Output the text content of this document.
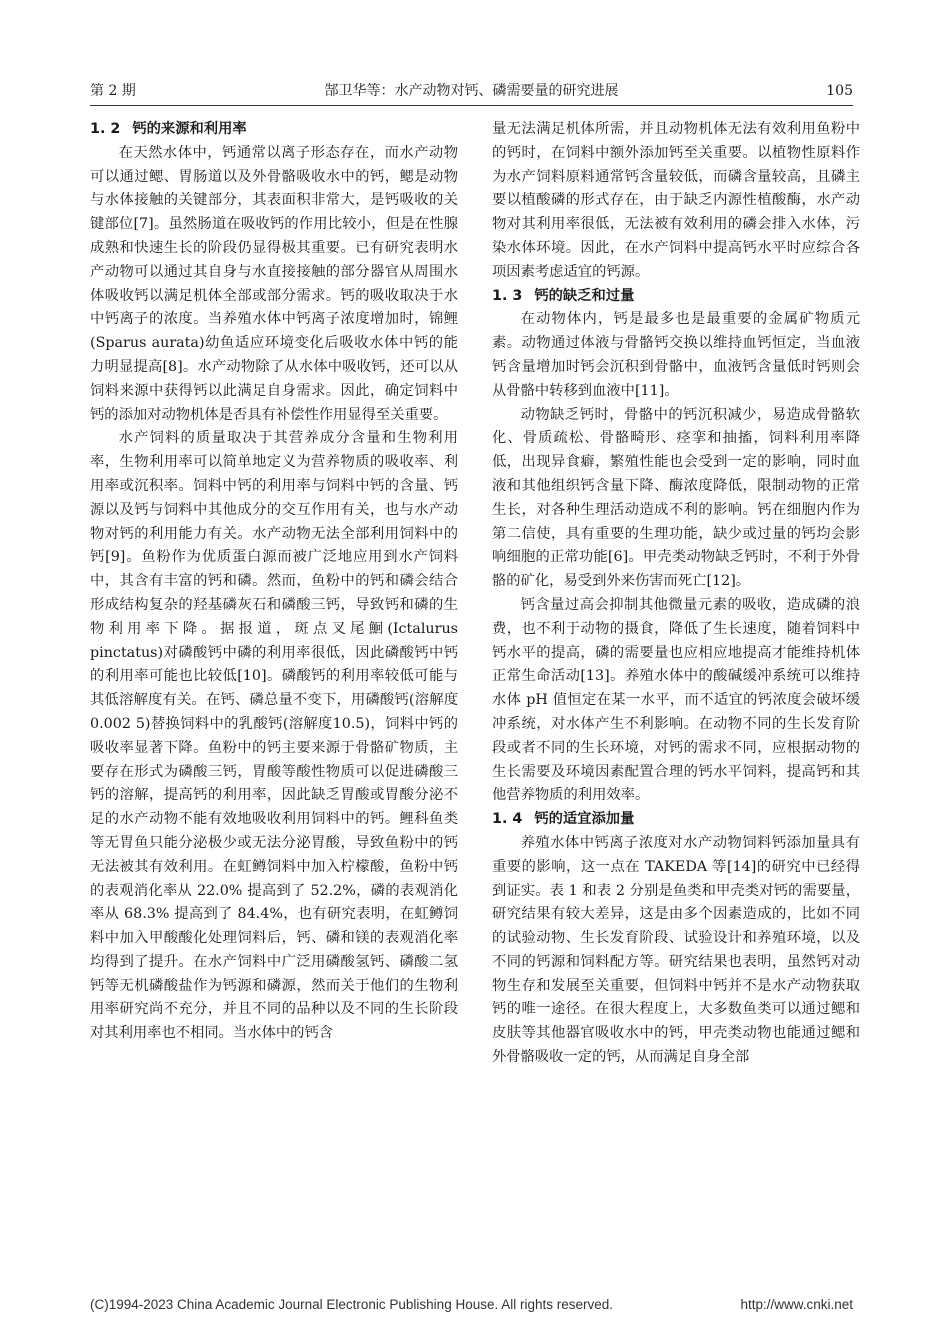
第 2 期	郜卫华等：水产动物对钙、磷需要量的研究进展	105
1. 2 钙的来源和利用率

在天然水体中，钙通常以离子形态存在，而水产动物可以通过鳃、胃肠道以及外骨骼吸收水中的钙，鳃是动物与水体接触的关键部分，其表面积非常大，是钙吸收的关键部位[7]。虽然肠道在吸收钙的作用比较小，但是在性腺成熟和快速生长的阶段仍显得极其重要。已有研究表明水产动物可以通过其自身与水直接接触的部分器官从周围水体吸收钙以满足机体全部或部分需求。钙的吸收取决于水中钙离子的浓度。当养殖水体中钙离子浓度增加时，锦鲤(Sparus aurata)幼鱼适应环境变化后吸收水体中钙的能力明显提高[8]。水产动物除了从水体中吸收钙，还可以从饲料来源中获得钙以此满足自身需求。因此，确定饲料中钙的添加对动物机体是否具有补偿性作用显得至关重要。

水产饲料的质量取决于其营养成分含量和生物利用率，生物利用率可以简单地定义为营养物质的吸收率、利用率或沉积率。饲料中钙的利用率与饲料中钙的含量、钙源以及钙与饲料中其他成分的交互作用有关，也与水产动物对钙的利用能力有关。水产动物无法全部利用饲料中的钙[9]。鱼粉作为优质蛋白源而被广泛地应用到水产饲料中，其含有丰富的钙和磷。然而，鱼粉中的钙和磷会结合形成结构复杂的羟基磷灰石和磷酸三钙，导致钙和磷的生物利用率下降。据报道，斑点叉尾鮰(Ictalurus pinctatus)对磷酸钙中磷的利用率很低，因此磷酸钙中钙的利用率可能也比较低[10]。磷酸钙的利用率较低可能与其低溶解度有关。在钙、磷总量不变下，用磷酸钙(溶解度0.002 5)替换饲料中的乳酸钙(溶解度10.5)，饲料中钙的吸收率显著下降。鱼粉中的钙主要来源于骨骼矿物质，主要存在形式为磷酸三钙，胃酸等酸性物质可以促进磷酸三钙的溶解，提高钙的利用率，因此缺乏胃酸或胃酸分泌不足的水产动物不能有效地吸收利用饲料中的钙。鲤科鱼类等无胃鱼只能分泌极少或无法分泌胃酸，导致鱼粉中的钙无法被其有效利用。在虹鳟饲料中加入柠檬酸，鱼粉中钙的表观消化率从 22.0% 提高到了 52.2%，磷的表观消化率从 68.3% 提高到了 84.4%，也有研究表明，在虹鳟饲料中加入甲酸酸化处理饲料后，钙、磷和镁的表观消化率均得到了提升。在水产饲料中广泛用磷酸氢钙、磷酸二氢钙等无机磷酸盐作为钙源和磷源，然而关于他们的生物利用率研究尚不充分，并且不同的品种以及不同的生长阶段对其利用率也不相同。当水体中的钙含

量无法满足机体所需，并且动物机体无法有效利用鱼粉中的钙时，在饲料中额外添加钙至关重要。以植物性原料作为水产饲料原料通常钙含量较低，而磷含量较高，且磷主要以植酸磷的形式存在，由于缺乏内源性植酸酶，水产动物对其利用率很低，无法被有效利用的磷会排入水体，污染水体环境。因此，在水产饲料中提高钙水平时应综合各项因素考虑适宜的钙源。

1. 3 钙的缺乏和过量

在动物体内，钙是最多也是最重要的金属矿物质元素。动物通过体液与骨骼钙交换以维持血钙恒定，当血液钙含量增加时钙会沉积到骨骼中，血液钙含量低时钙则会从骨骼中转移到血液中[11]。

动物缺乏钙时，骨骼中的钙沉积减少，易造成骨骼软化、骨质疏松、骨骼畸形、痉挛和抽搐，饲料利用率降低，出现异食癖，繁殖性能也会受到一定的影响，同时血液和其他组织钙含量下降、酶浓度降低，限制动物的正常生长，对各种生理活动造成不利的影响。钙在细胞内作为第二信使，具有重要的生理功能，缺少或过量的钙均会影响细胞的正常功能[6]。甲壳类动物缺乏钙时，不利于外骨骼的矿化，易受到外来伤害而死亡[12]。

钙含量过高会抑制其他微量元素的吸收，造成磷的浪费，也不利于动物的摄食，降低了生长速度，随着饲料中钙水平的提高，磷的需要量也应相应地提高才能维持机体正常生命活动[13]。养殖水体中的酸碱缓冲系统可以维持水体 pH 值恒定在某一水平，而不适宜的钙浓度会破坏缓冲系统，对水体产生不利影响。在动物不同的生长发育阶段或者不同的生长环境，对钙的需求不同，应根据动物的生长需要及环境因素配置合理的钙水平饲料，提高钙和其他营养物质的利用效率。

1. 4 钙的适宜添加量

养殖水体中钙离子浓度对水产动物饲料钙添加量具有重要的影响，这一点在 TAKEDA 等[14]的研究中已经得到证实。表 1 和表 2 分别是鱼类和甲壳类对钙的需要量，研究结果有较大差异，这是由多个因素造成的，比如不同的试验动物、生长发育阶段、试验设计和养殖环境，以及不同的钙源和饲料配方等。研究结果也表明，虽然钙对动物生存和发展至关重要，但饲料中钙并不是水产动物获取钙的唯一途径。在很大程度上，大多数鱼类可以通过鳃和皮肤等其他器官吸收水中的钙，甲壳类动物也能通过鳃和外骨骼吸收一定的钙，从而满足自身全部

(C)1994-2023 China Academic Journal Electronic Publishing House. All rights reserved.	http://www.cnki.net
